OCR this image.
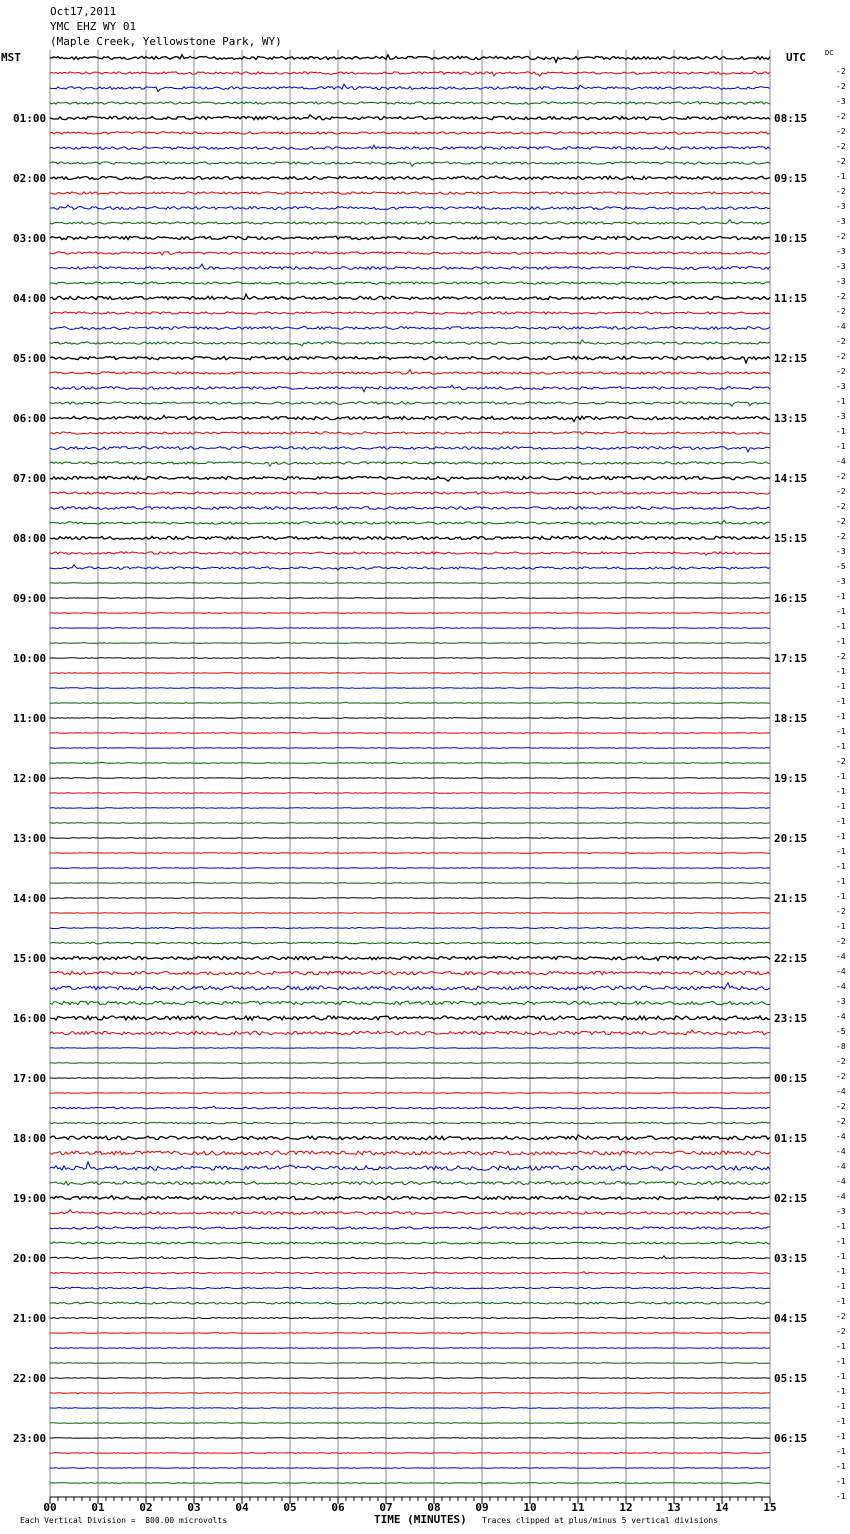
-2
-2
-3
-2
-2
-2
-2
-1
-2
-3
-3
-2
-3
-3
-3
-2
-2
-4
-2
-2
-2
-3
-1
-3
-1
-1
-4
-2
-2
-2
-2
-2
-3
-5
-3
-1
-1
-1
-1
-2
-1
-1
-1
-1
-1
-1
-2
-1
-1
-1
-1
-1
-1
-1
-1
-1
-2
-1
-2
-4
-4
-4
-3
-4
-5
-8
-2
-2
-4
-2
-2
-4
-4
-4
-4
-4
-3
-1
-1
-1
-1
-1
-1
-2
-2
-1
-1
-1
-1
-1
-1
-1
-1
-1
-1
-1
01:00
02:00
03:00
04:00
05:00
06:00
07:00
08:00
09:00
10:00
11:00
12:00
13:00
14:00
15:00
16:00
17:00
18:00
19:00
20:00
21:00
22:00
23:00
08:15
09:15
10:15
11:15
12:15
13:15
14:15
15:15
16:15
17:15
18:15
19:15
20:15
21:15
22:15
23:15
00:15
01:15
02:15
03:15
04:15
05:15
06:15
00	01	02	03	04	05	06	07	08	09	10	11	12	13	14	15
Oct17,2011
YMC EHZ WY 01
(Maple Creek, Yellowstone Park, WY)
MST	UTC	DC
Each Vertical Division =  800.00 microvolts	TIME (MINUTES) Traces clipped at plus/minus 5 vertical divisions
